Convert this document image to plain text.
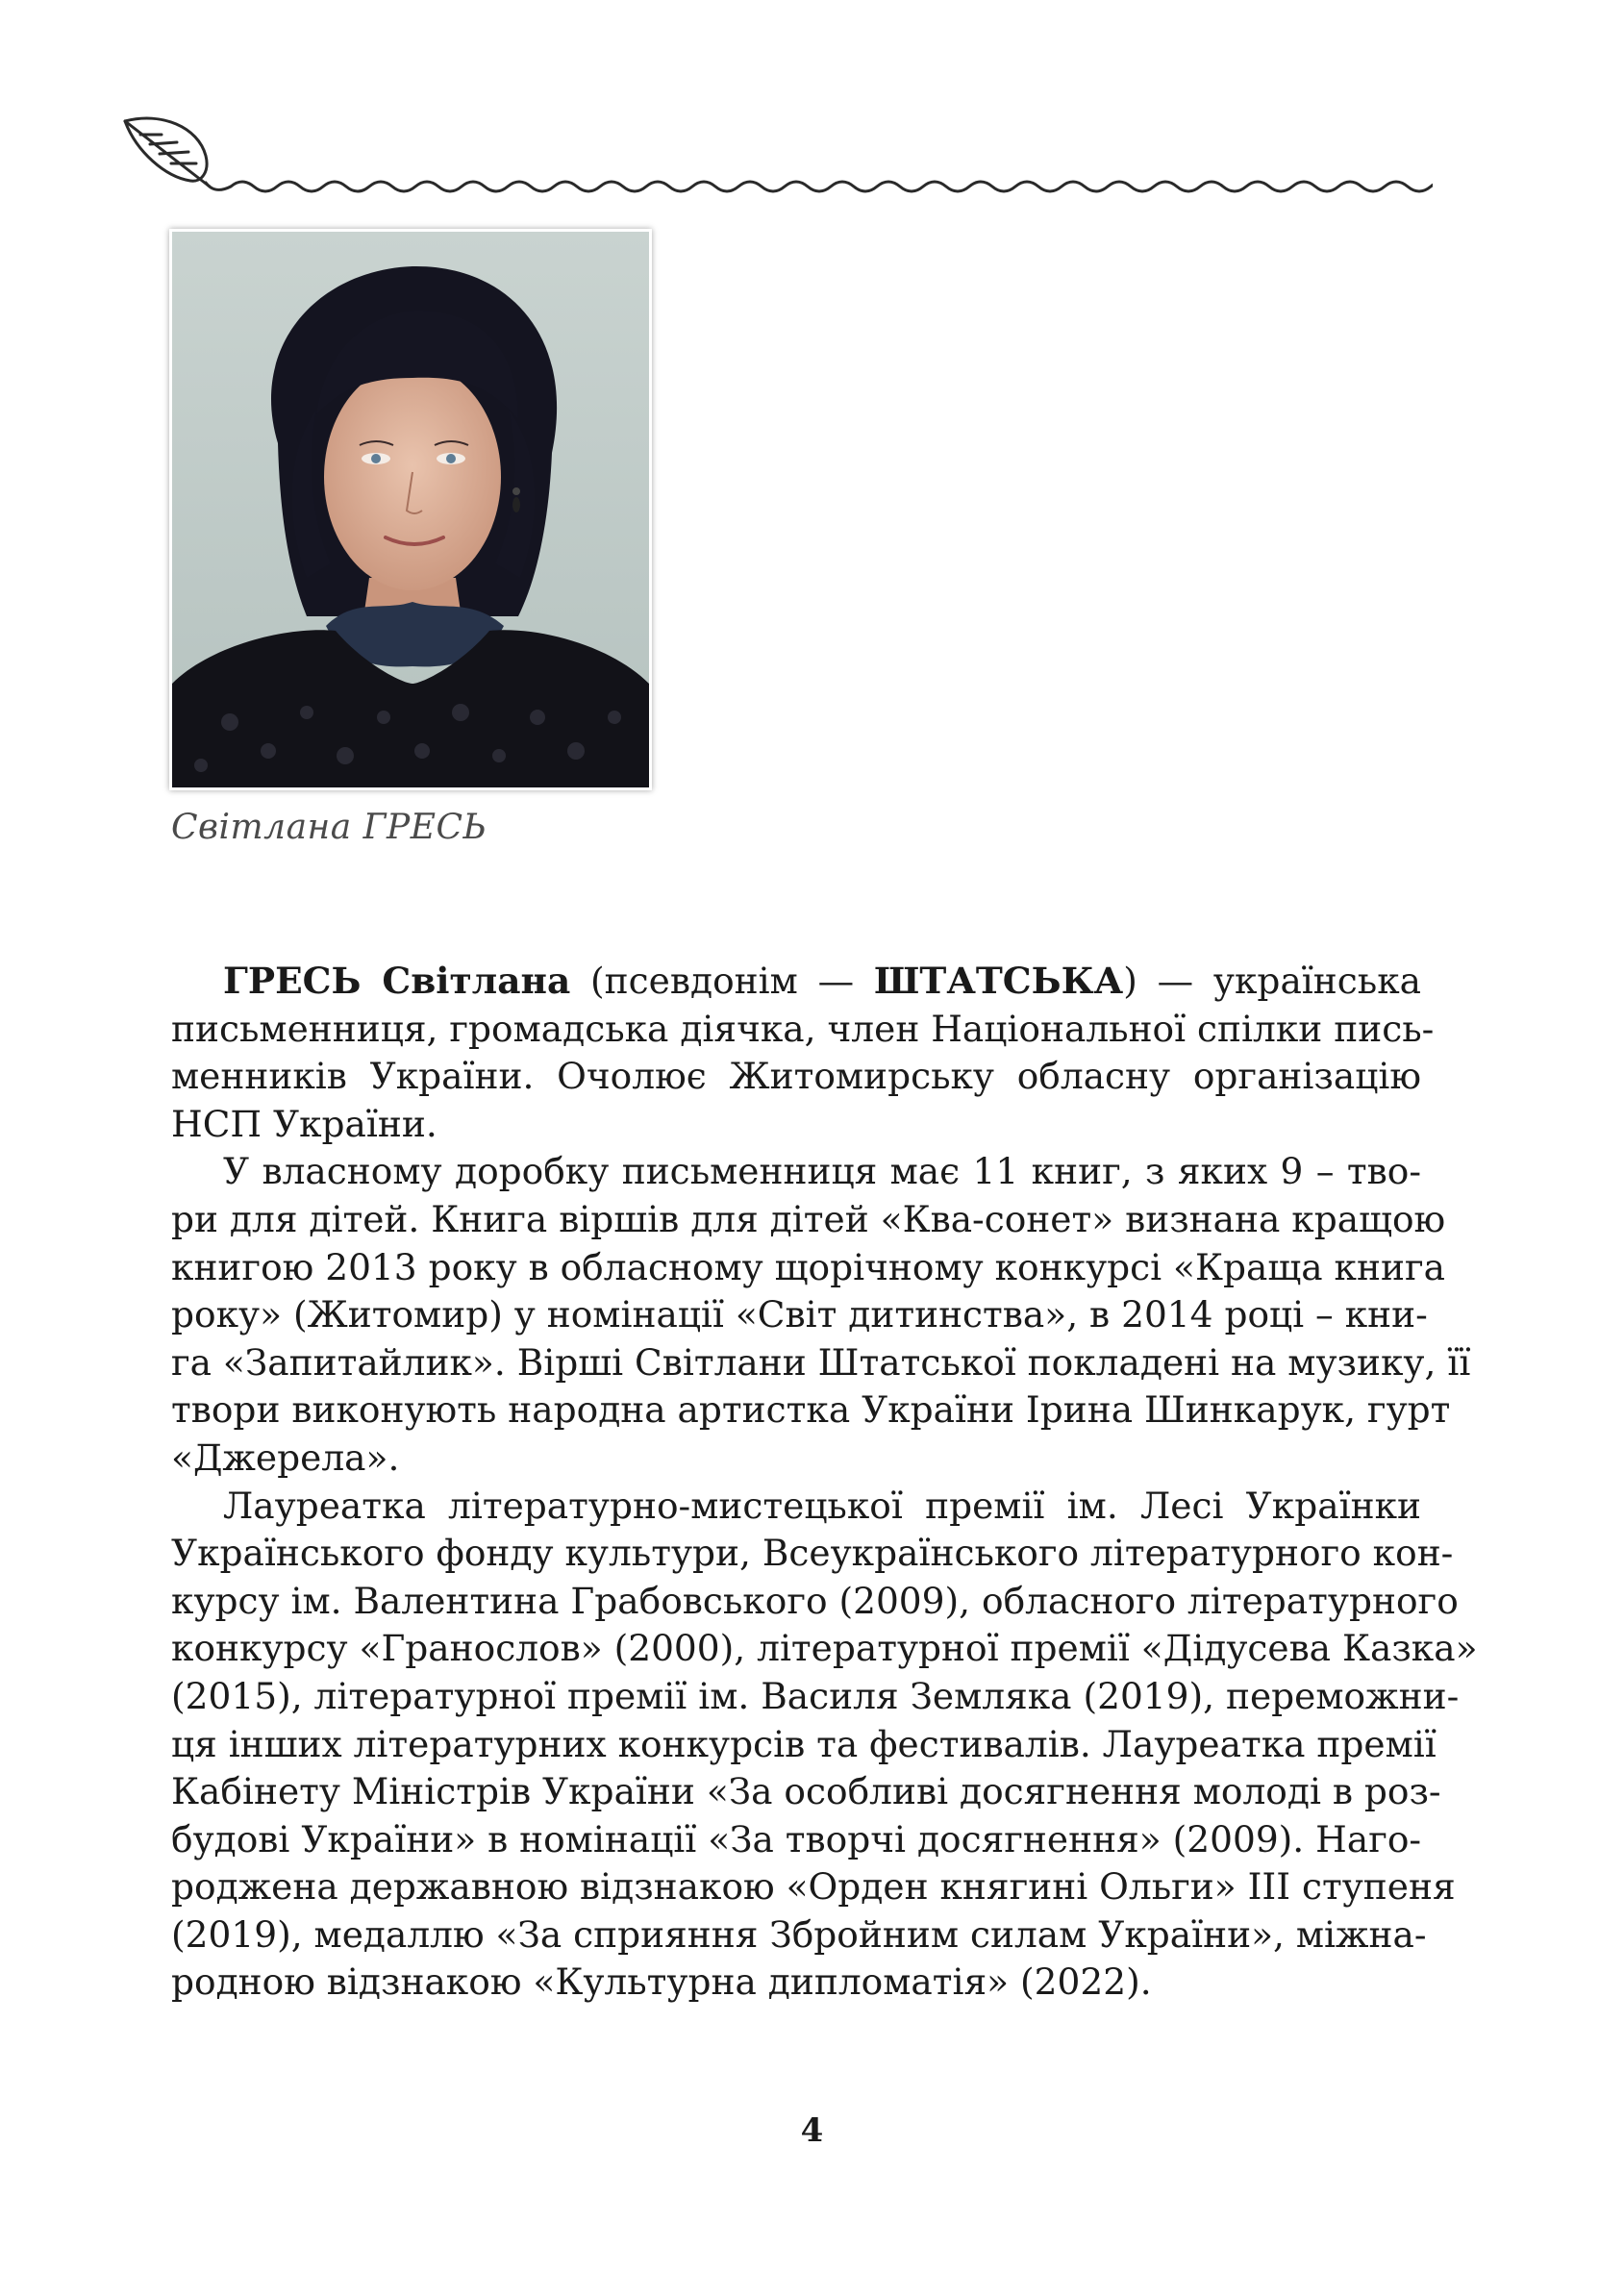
Світлана ГРЕСЬ
ГРЕСЬ Світлана (псевдонім — ШТАТСЬКА) — українська
письменниця, громадська діячка, член Національної спілки пись-
менників України. Очолює Житомирську обласну організацію
НСП України.
У власному доробку письменниця має 11 книг, з яких 9 – тво-
ри для дітей. Книга віршів для дітей «Ква-сонет» визнана кращою
книгою 2013 року в обласному щорічному конкурсі «Краща книга
року» (Житомир) у номінації «Світ дитинства», в 2014 році – кни-
га «Запитайлик». Вірші Світлани Штатської покладені на музику, її
твори виконують народна артистка України Ірина Шинкарук, гурт
«Джерела».
Лауреатка літературно-мистецької премії ім. Лесі Українки
Українського фонду культури, Всеукраїнського літературного кон-
курсу ім. Валентина Грабовського (2009), обласного літературного
конкурсу «Гранослов» (2000), літературної премії «Дідусева Казка»
(2015), літературної премії ім. Василя Земляка (2019), переможни-
ця інших літературних конкурсів та фестивалів. Лауреатка премії
Кабінету Міністрів України «За особливі досягнення молоді в роз-
будові України» в номінації «За творчі досягнення» (2009). Наго-
роджена державною відзнакою «Орден княгині Ольги» III ступеня
(2019), медаллю «За сприяння Збройним силам України», міжна-
родною відзнакою «Культурна дипломатія» (2022).
4
